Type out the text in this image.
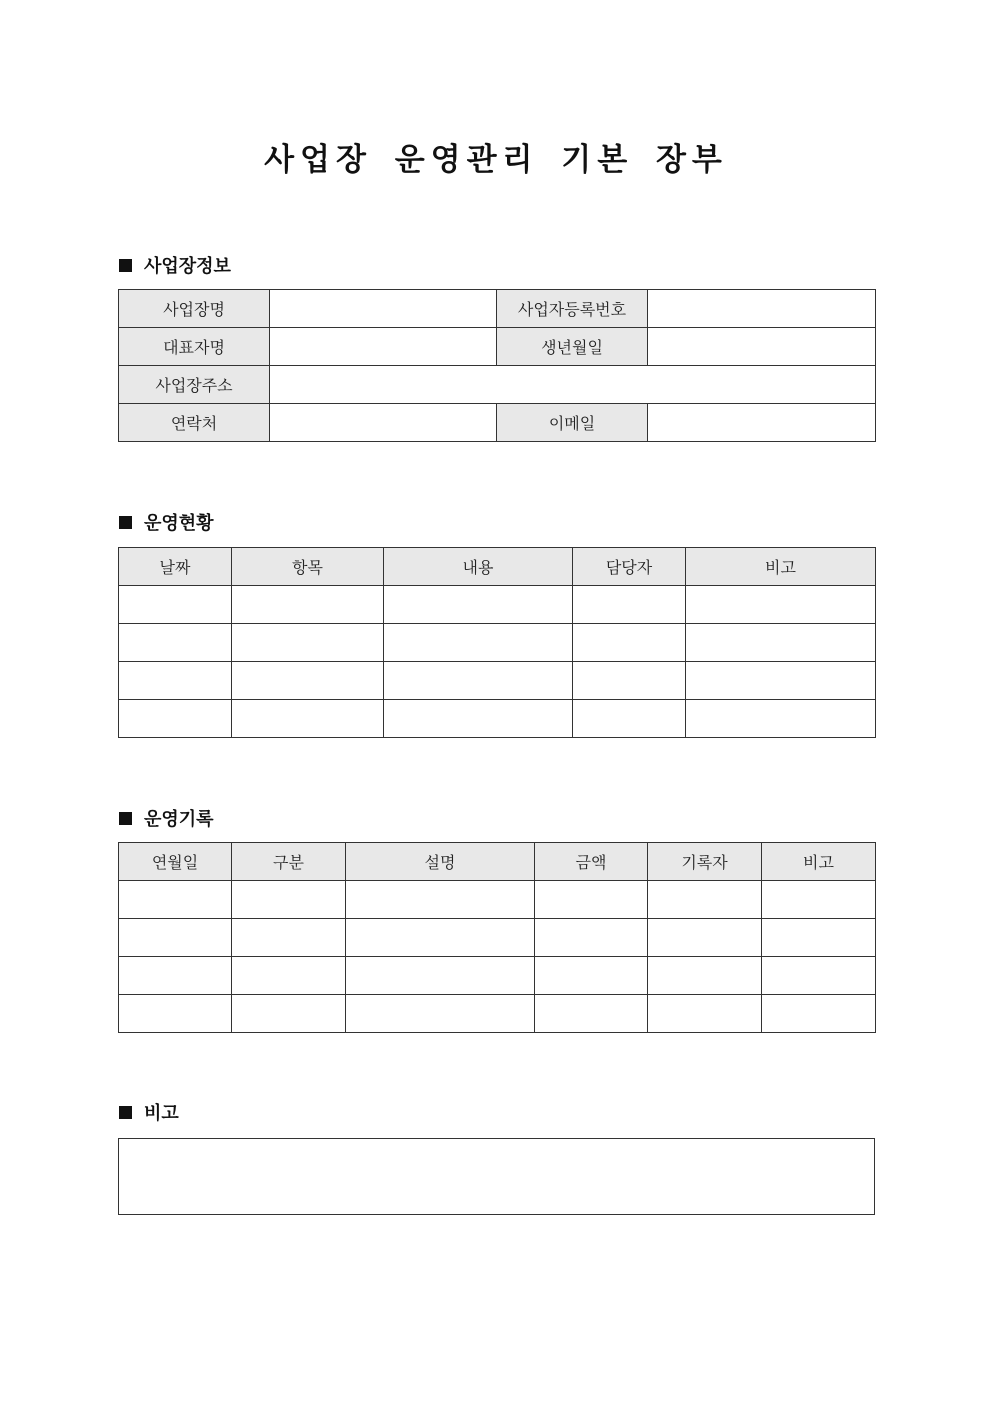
사업장 운영관리 기본 장부
사업장정보
사업장명		사업자등록번호	
대표자명		생년월일	
사업장주소			
연락처		이메일	
운영현황
날짜	항목	내용	담당자	비고

운영기록
연월일	구분	설명	금액	기록자	비고

비고
